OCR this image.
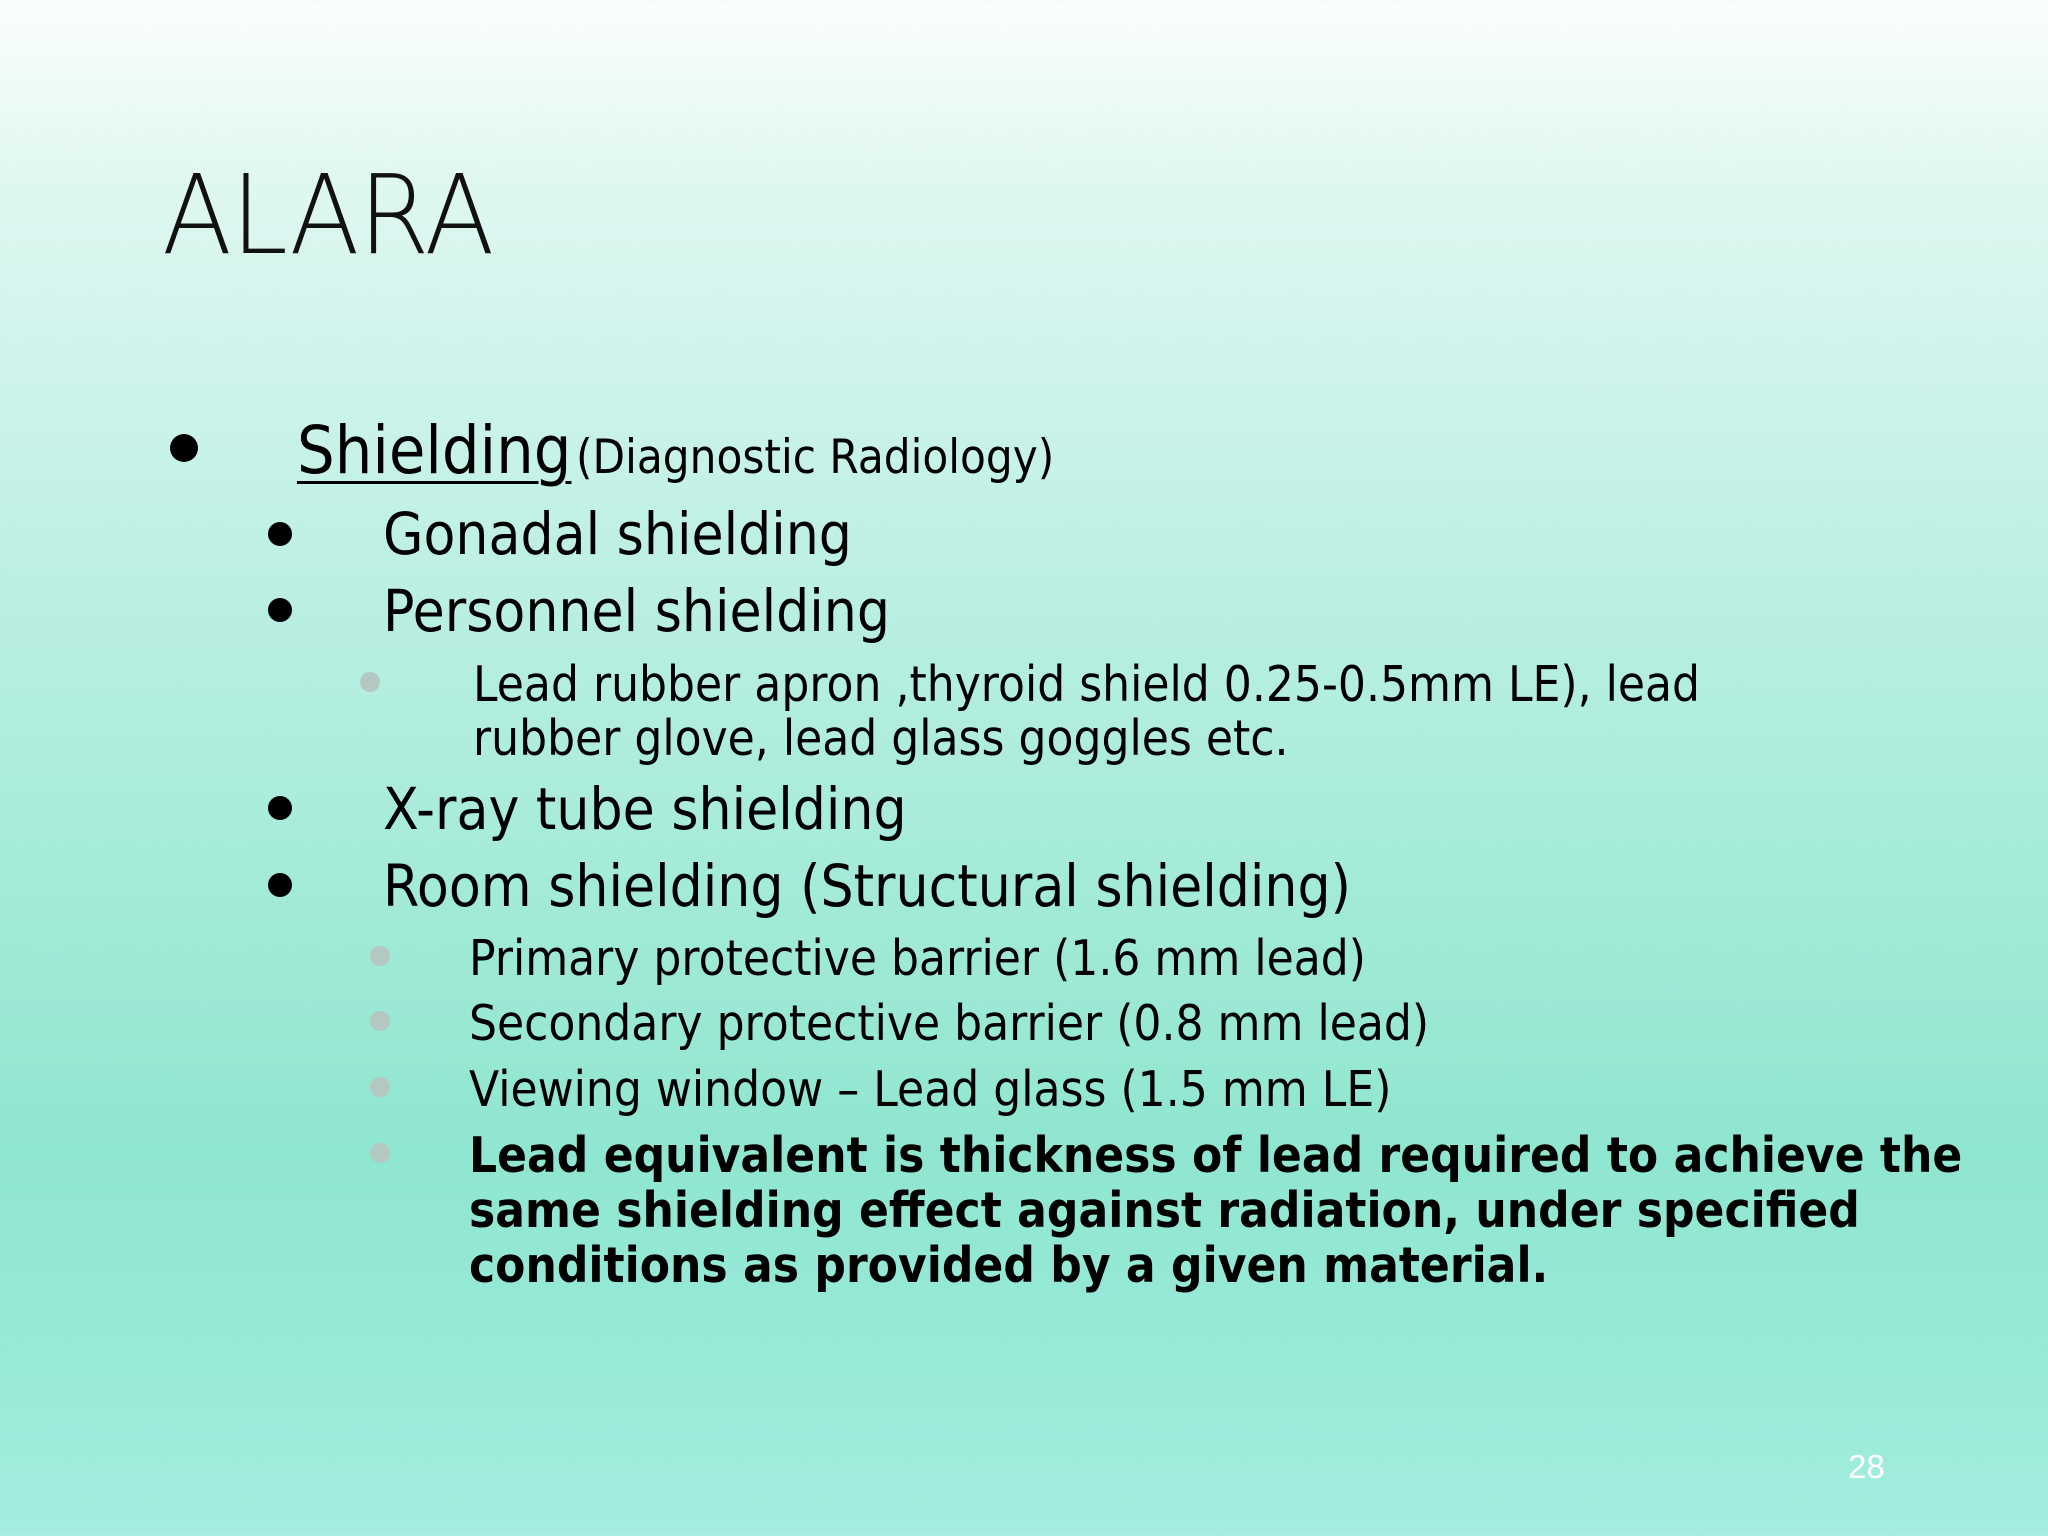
ALARA
Shielding (Diagnostic Radiology)
Gonadal shielding
Personnel shielding
Lead rubber apron ,thyroid shield 0.25-0.5mm LE), lead
rubber glove, lead glass goggles etc.
X-ray tube shielding
Room shielding (Structural shielding)
Primary protective barrier (1.6 mm lead)
Secondary protective barrier (0.8 mm lead)
Viewing window – Lead glass (1.5 mm LE)
Lead equivalent is thickness of lead required to achieve the
same shielding effect against radiation, under specified
conditions as provided by a given material.
28
